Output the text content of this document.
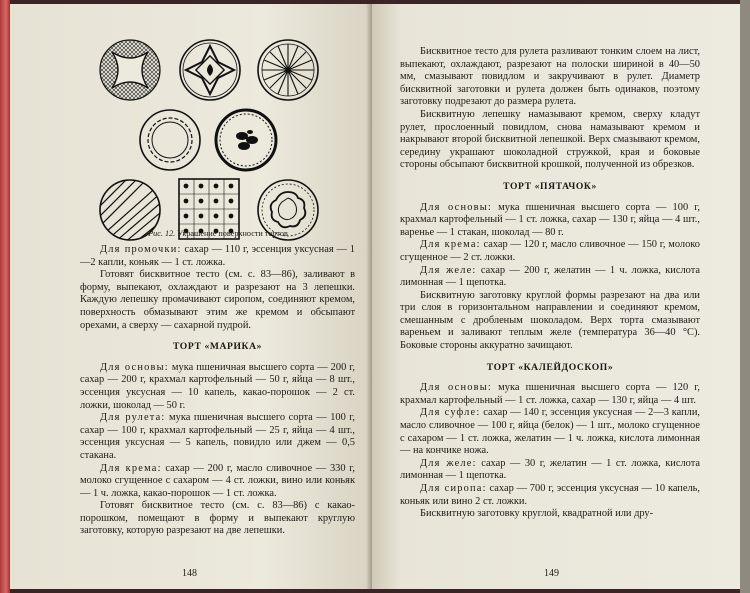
Рис. 12. Украшение поверхности тортов

Для промочки: сахар — 110 г, эссенция уксусная — 1—2 капли, коньяк — 1 ст. ложка.

Готовят бисквитное тесто (см. с. 83—86), заливают в форму, выпекают, охлаждают и разрезают на 3 лепешки. Каждую лепешку промачивают сиропом, соединяют кремом, поверхность обмазывают этим же кремом и обсыпают орехами, а сверху — сахарной пудрой.

ТОРТ «МАРИКА»

Для основы: мука пшеничная высшего сорта — 200 г, сахар — 200 г, крахмал картофельный — 50 г, яйца — 8 шт., эссенция уксусная — 10 капель, какао-порошок — 2 ст. ложки, шоколад — 50 г.

Для рулета: мука пшеничная высшего сорта — 100 г, сахар — 100 г, крахмал картофельный — 25 г, яйца — 4 шт., эссенция уксусная — 5 капель, повидло или джем — 0,5 стакана.

Для крема: сахар — 200 г, масло сливочное — 330 г, молоко сгущенное с сахаром — 4 ст. ложки, вино или коньяк — 1 ч. ложка, какао-порошок — 1 ст. ложка.

Готовят бисквитное тесто (см. с. 83—86) с какао-порошком, помещают в форму и выпекают круглую заготовку, которую разрезают на две лепешки.

148

Бисквитное тесто для рулета разливают тонким слоем на лист, выпекают, охлаждают, разрезают на полоски шириной в 40—50 мм, смазывают повидлом и закручивают в рулет. Диаметр бисквитной заготовки и рулета должен быть одинаков, поэтому заготовку подрезают до размера рулета.

Бисквитную лепешку намазывают кремом, сверху кладут рулет, прослоенный повидлом, снова намазывают кремом и накрывают второй бисквитной лепешкой. Верх смазывают кремом, середину украшают шоколадной стружкой, края и боковые стороны обсыпают бисквитной крошкой, полученной из обрезков.

ТОРТ «ПЯТАЧОК»

Для основы: мука пшеничная высшего сорта — 100 г, крахмал картофельный — 1 ст. ложка, сахар — 130 г, яйца — 4 шт., варенье — 1 стакан, шоколад — 80 г.

Для крема: сахар — 120 г, масло сливочное — 150 г, молоко сгущенное — 2 ст. ложки.

Для желе: сахар — 200 г, желатин — 1 ч. ложка, кислота лимонная — 1 щепотка.

Бисквитную заготовку круглой формы разрезают на два или три слоя в горизонтальном направлении и соединяют кремом, смешанным с дробленым шоколадом. Верх торта смазывают вареньем и заливают теплым желе (температура 36—40 °С). Боковые стороны аккуратно зачищают.

ТОРТ «КАЛЕЙДОСКОП»

Для основы: мука пшеничная высшего сорта — 120 г, крахмал картофельный — 1 ст. ложка, сахар — 130 г, яйца — 4 шт.

Для суфле: сахар — 140 г, эссенция уксусная — 2—3 капли, масло сливочное — 100 г, яйца (белок) — 1 шт., молоко сгущенное с сахаром — 1 ст. ложка, желатин — 1 ч. ложка, кислота лимонная — на кончике ножа.

Для желе: сахар — 30 г, желатин — 1 ст. ложка, кислота лимонная — 1 щепотка.

Для сиропа: сахар — 700 г, эссенция уксусная — 10 капель, коньяк или вино 2 ст. ложки.

Бисквитную заготовку круглой, квадратной или дру-

149
